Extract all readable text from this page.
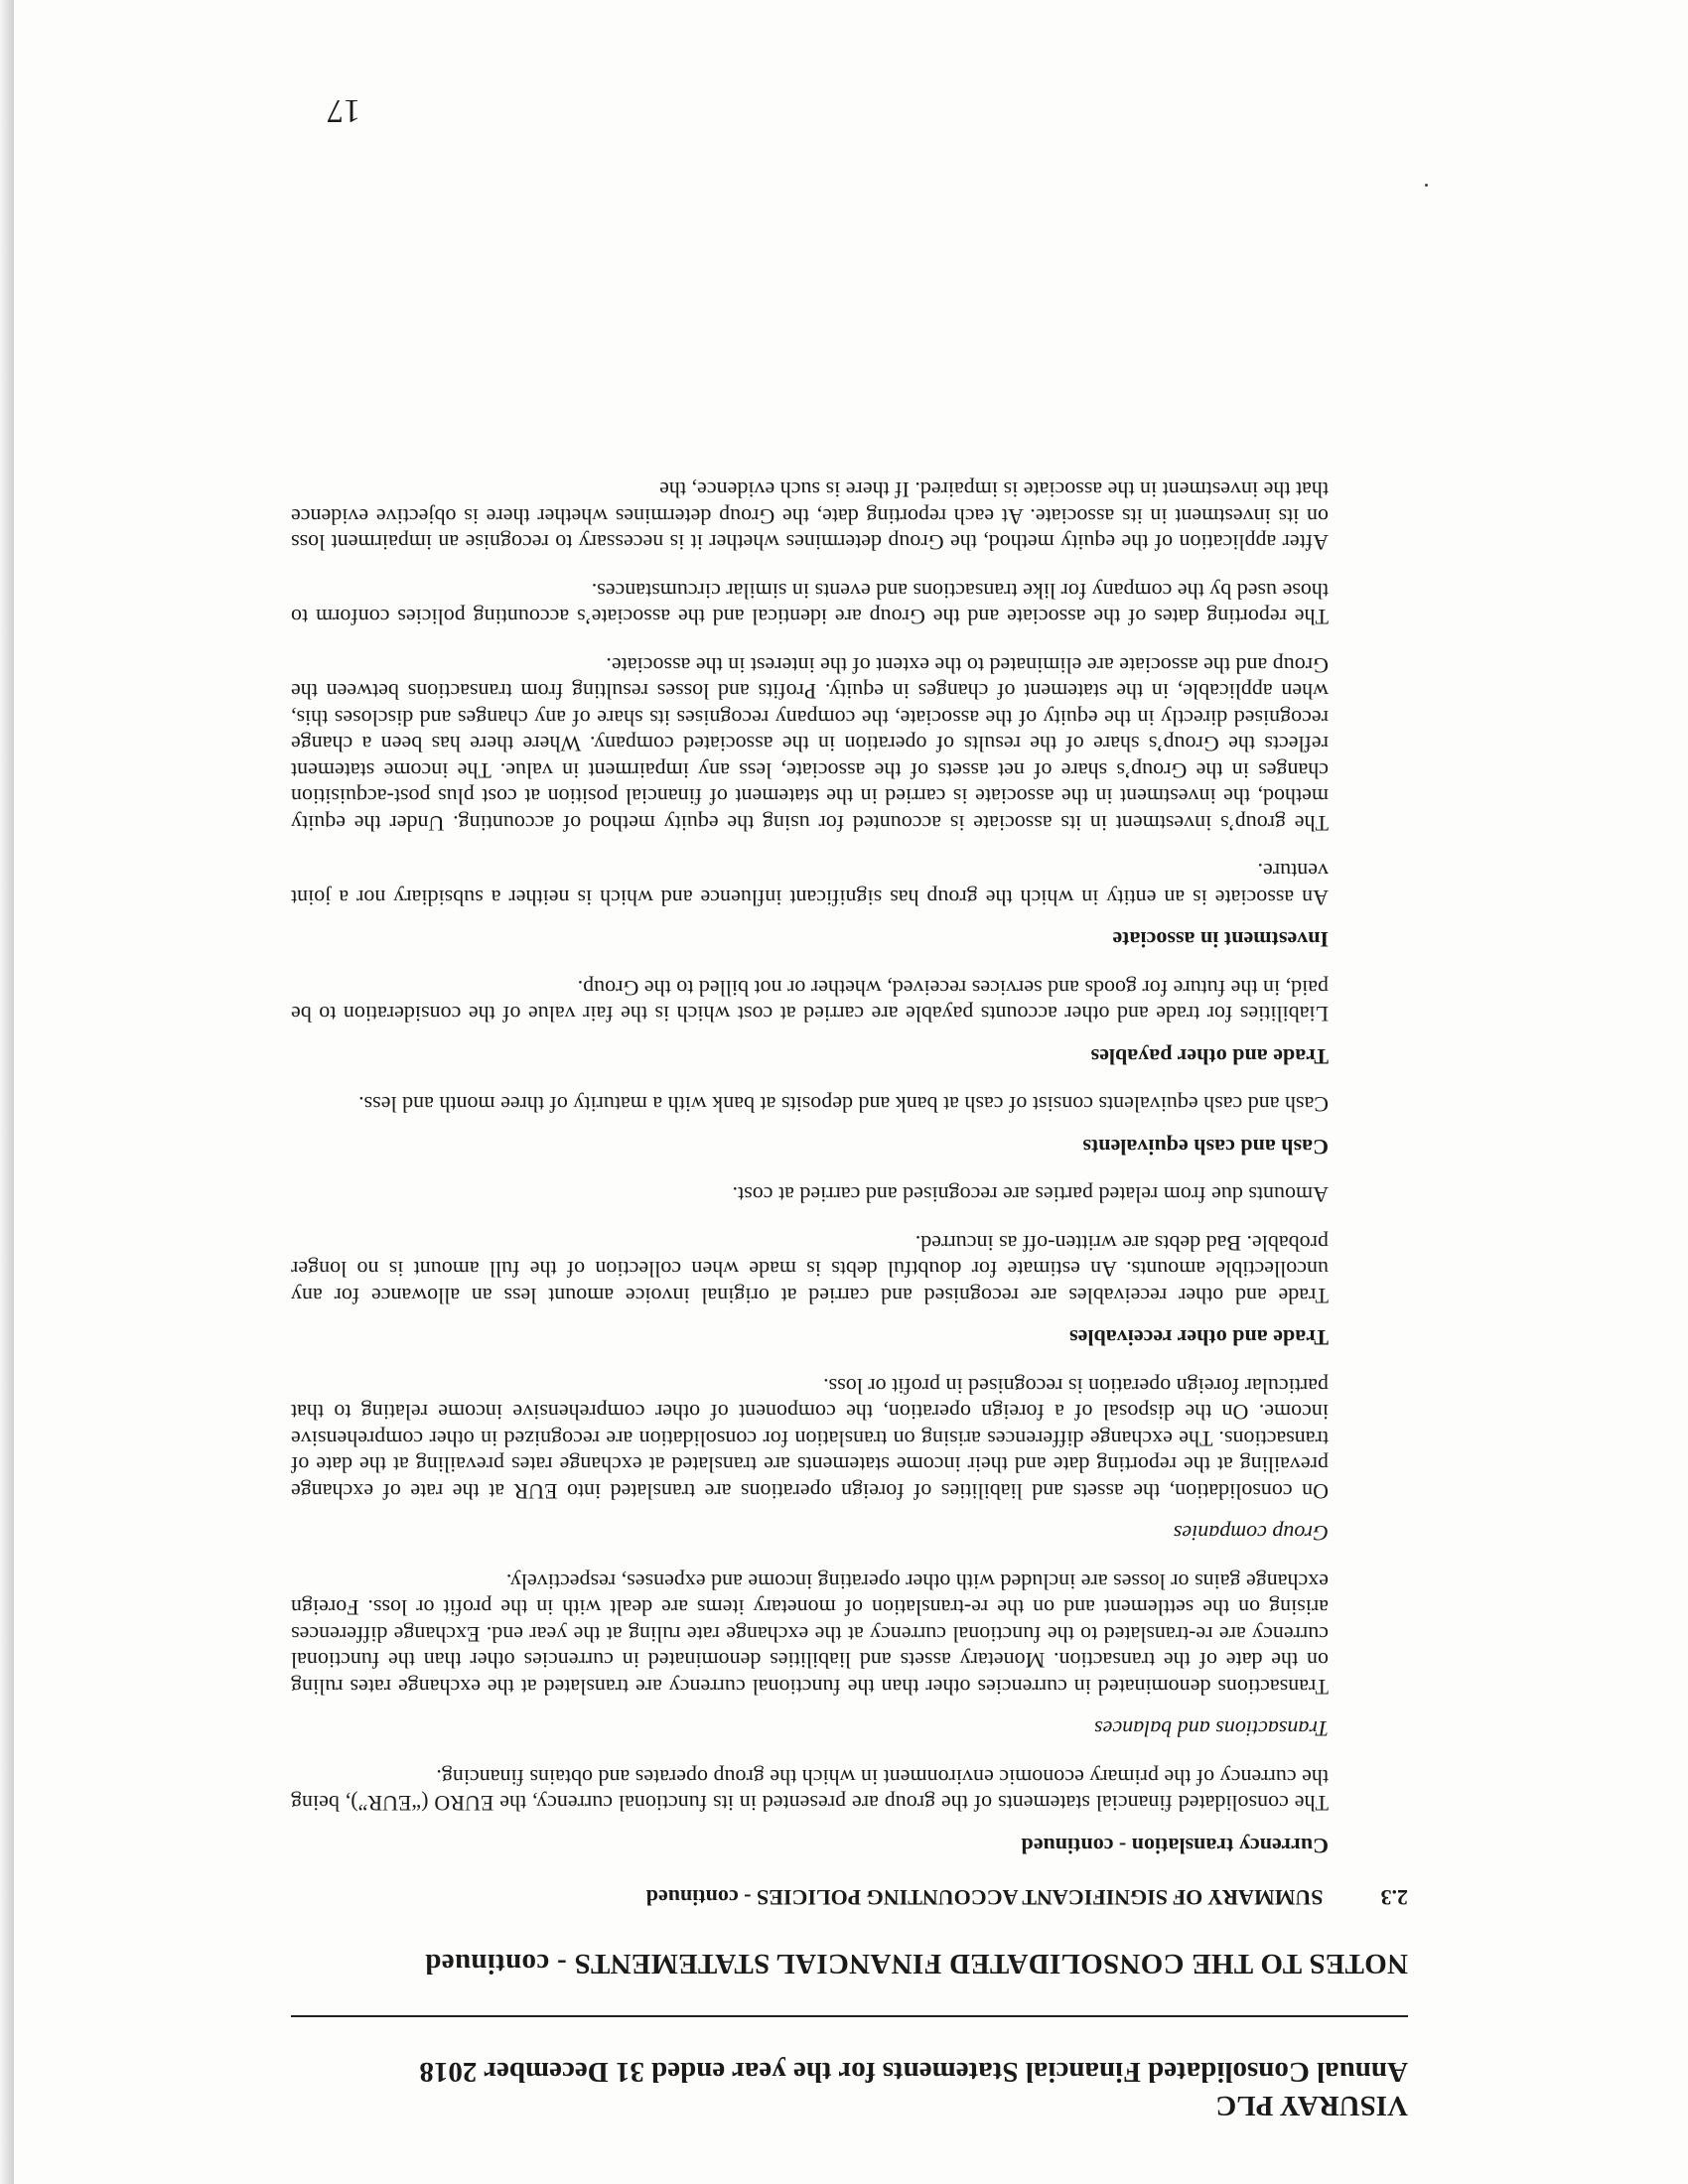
VISURAY PLC

Annual Consolidated Financial Statements for the year ended 31 December 2018

NOTES TO THE CONSOLIDATED FINANCIAL STATEMENTS - continued
2.3 SUMMARY OF SIGNIFICANT ACCOUNTING POLICIES - continued

Currency translation - continued

The consolidated financial statements of the group are presented in its functional currency, the EURO (“EUR”), being the currency of the primary economic environment in which the group operates and obtains financing.

Transactions and balances

Transactions denominated in currencies other than the functional currency are translated at the exchange rates ruling on the date of the transaction. Monetary assets and liabilities denominated in currencies other than the functional currency are re-translated to the functional currency at the exchange rate ruling at the year end. Exchange differences arising on the settlement and on the re-translation of monetary items are dealt with in the profit or loss. Foreign exchange gains or losses are included with other operating income and expenses, respectively.

Group companies

On consolidation, the assets and liabilities of foreign operations are translated into EUR at the rate of exchange prevailing at the reporting date and their income statements are translated at exchange rates prevailing at the date of transactions. The exchange differences arising on translation for consolidation are recognized in other comprehensive income. On the disposal of a foreign operation, the component of other comprehensive income relating to that particular foreign operation is recognised in profit or loss.

Trade and other receivables

Trade and other receivables are recognised and carried at original invoice amount less an allowance for any uncollectible amounts. An estimate for doubtful debts is made when collection of the full amount is no longer probable. Bad debts are written-off as incurred.

Amounts due from related parties are recognised and carried at cost.

Cash and cash equivalents

Cash and cash equivalents consist of cash at bank and deposits at bank with a maturity of three month and less.

Trade and other payables

Liabilities for trade and other accounts payable are carried at cost which is the fair value of the consideration to be paid, in the future for goods and services received, whether or not billed to the Group.

Investment in associate

An associate is an entity in which the group has significant influence and which is neither a subsidiary nor a joint venture.

The group’s investment in its associate is accounted for using the equity method of accounting. Under the equity method, the investment in the associate is carried in the statement of financial position at cost plus post-acquisition changes in the Group’s share of net assets of the associate, less any impairment in value. The income statement reflects the Group’s share of the results of operation in the associated company. Where there has been a change recognised directly in the equity of the associate, the company recognises its share of any changes and discloses this, when applicable, in the statement of changes in equity. Profits and losses resulting from transactions between the Group and the associate are eliminated to the extent of the interest in the associate.

The reporting dates of the associate and the Group are identical and the associate’s accounting policies conform to those used by the company for like transactions and events in similar circumstances.

After application of the equity method, the Group determines whether it is necessary to recognise an impairment loss on its investment in its associate. At each reporting date, the Group determines whether there is objective evidence that the investment in the associate is impaired. If there is such evidence, the

17
